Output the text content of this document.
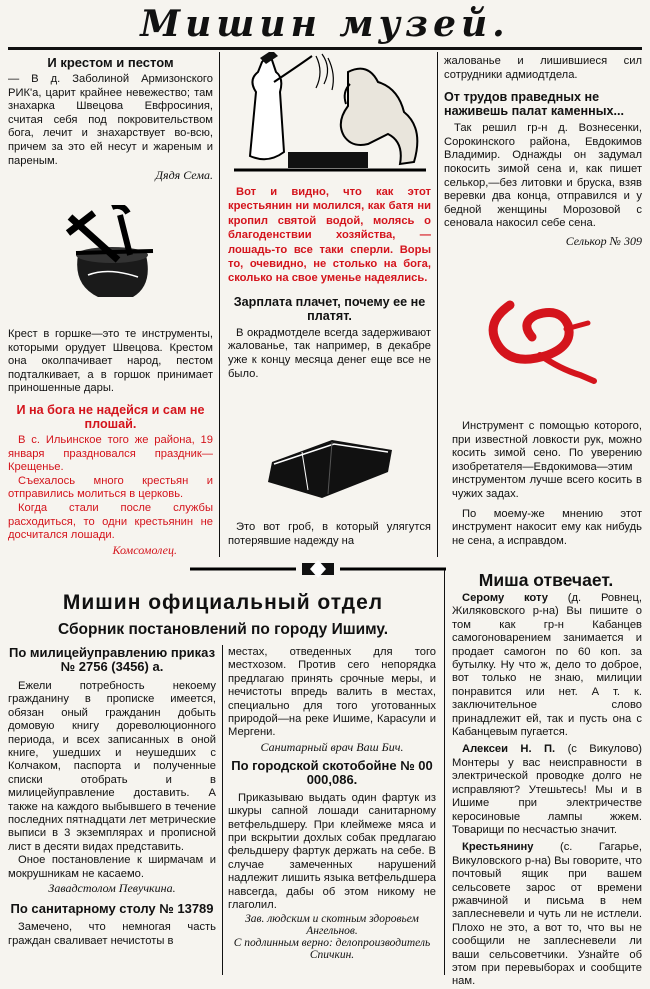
Мишин музей.

И крестом и пестом

— В д. Заболиной Армизонского РИК'а, царит крайнее невежество; там знахарка Швецова Евфросиния, считая себя под покровительством бога, лечит и знахарствует во-всю, причем за это ей несут и жареным и пареным.

Дядя Сема.

Крест в горшке—это те инструменты, которыми орудует Швецова. Крестом она околпачивает народ, пестом подталкивает, а в горшок принимает приношенные дары.

И на бога не надейся и сам не плошай.

В с. Ильинское того же района, 19 января праздновался праздник—Крещенье.

Съехалось много крестьян и отправились молиться в церковь.

Когда стали после службы расходиться, то одни крестьянин не досчитался лошади.

Комсомолец.

Вот и видно, что как этот крестьянин ни молился, как батя ни кропил святой водой, молясь о благоденствии хозяйства, — лошадь-то все таки сперли. Воры то, очевидно, не столько на бога, сколько на свое уменье надеялись.

Зарплата плачет, почему ее не платят.

В окрадмотделе всегда задерживают жалованье, так например, в декабре уже к концу месяца денег еще все не было.

Это вот гроб, в который улягутся потерявшие надежду на

жалованье и лишившиеся сил сотрудники адмиодтдела.

От трудов праведных не наживешь палат каменных...

Так решил гр-н д. Вознесенки, Сорокинского района, Евдокимов Владимир. Однажды он задумал покосить зимой сена и, как пишет селькор,—без литовки и бруска, взяв веревки два конца, отправился и у бедной женщины Морозовой с сеновала накосил себе сена.

Селькор № 309

Инструмент с помощью которого, при известной ловкости рук, можно косить зимой сено. По уверению изобретателя—Евдокимова—этим инструментом лучше всего косить в чужих задах.

По моему-же мнению этот инструмент накосит ему как нибудь не сена, а исправдом.

Мишин официальный отдел
Сборник постановлений по городу Ишиму.

По милицейуправлению приказ № 2756 (3456) а.

Ежели потребность некоему гражданину в прописке имеется, обязан оный гражданин добыть домовую книгу дореволюционного периода, и всех записанных в оной книге, ушедших и неушедших с Колчаком, паспорта и полученные списки отобрать и в милицейуправление доставить. А также на каждого выбывшего в течение последних пятнадцати лет метрические выписи в 3 экземплярах и прописной лист в десяти видах представить.

Оное постановление к ширмачам и мокрушникам не касаемо.

Завадстолом Певучкина.

По санитарному столу № 13789

Замечено, что немногая часть граждан сваливает нечистоты в

местах, отведенных для того местхозом. Против сего непорядка предлагаю принять срочные меры, и нечистоты впредь валить в местах, специально для того уготованных природой—на реке Ишиме, Карасули и Мергени.

Санитарный врач Ваш Бич.

По городской скотобойне № 00 000,086.

Приказываю выдать один фартук из шкуры сапной лошади санитарному ветфельдшеру. При клеймеже мяса и при вскрытии дохлых собак предлагаю фельдшеру фартук держать на себе. В случае замеченных нарушений надлежит лишить языка ветфельдшера навсегда, дабы об этом никому не глаголил.

Зав. людским и скотным здоровьем Ангельнов.

С подлинным верно: делопроизводитель Спичкин.

Миша отвечает.

Серому коту (д. Ровнец, Жиляковского р-на) Вы пишите о том как гр-н Кабанцев самогоноварением занимается и продает самогон по 60 коп. за бутылку. Ну что ж, дело то доброе, вот только не знаю, милиции понравится или нет. А т. к. заключительное слово принадлежит ей, так и пусть она с Кабанцевым пугается.

Алексеи Н. П. (с Викулово) Монтеры у вас неисправности в электрической проводке долго не исправляют? Утешьтесь! Мы и в Ишиме при электричестве керосиновые лампы жжем. Товарищи по несчастью значит.

Крестьянину (с. Гагарье, Викуловского р-на) Вы говорите, что почтовый ящик при вашем сельсовете зарос от времени ржавчиной и письма в нем заплесневели и чуть ли не истлели. Плохо не это, а вот то, что вы не сообщили не заплесневели ли ваши сельсоветчики. Узнайте об этом при перевыборах и сообщите нам.
